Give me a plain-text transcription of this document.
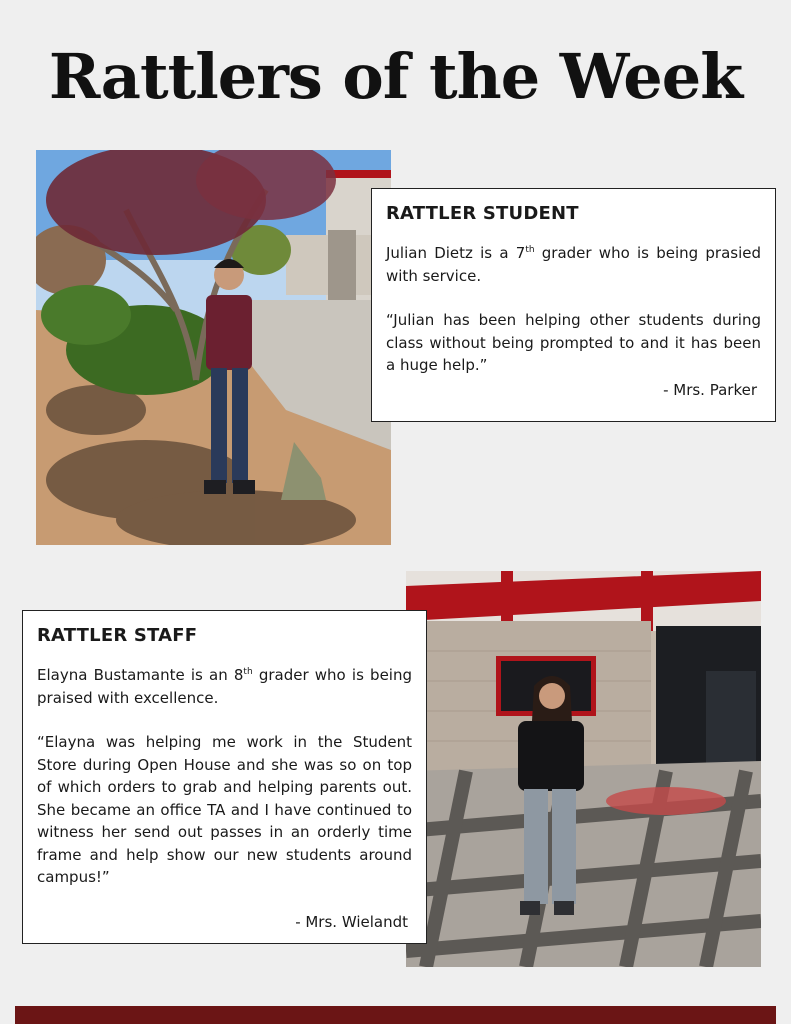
Rattlers of the Week
RATTLER STUDENT

Julian Dietz is a 7th grader who is being prasied with service.

“Julian has been helping other students during class without being prompted to and it has been a huge help.”

- Mrs. Parker

RATTLER STAFF

Elayna Bustamante is an 8th grader who is being praised with excellence.

“Elayna was helping me work in the Student Store during Open House and she was so on top of which orders to grab and helping parents out. She became an office TA and I have continued to witness her send out passes in an orderly time frame and help show our new students around campus!”

- Mrs. Wielandt
